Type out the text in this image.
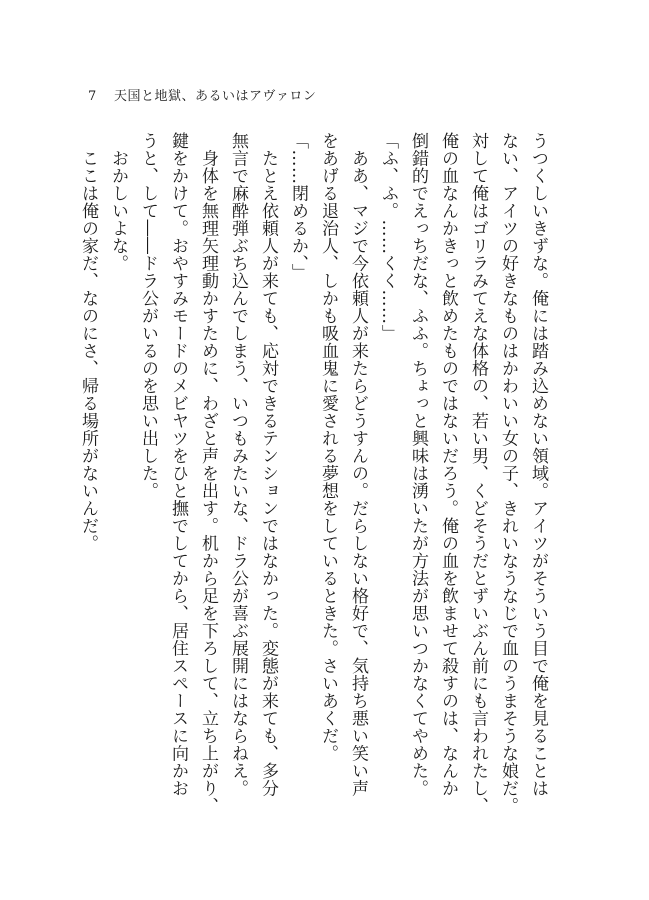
7 天国と地獄、あるいはアヴァロン
うつくしいきずな。俺には踏み込めない領域。アイツがそういう目で俺を見ることは
ない、アイツの好きなものはかわいい女の子、きれいなうなじで血のうまそうな娘だ。
対して俺はゴリラみてえな体格の、若い男、くどそうだとずいぶん前にも言われたし、
俺の血なんかきっと飲めたものではないだろう。俺の血を飲ませて殺すのは、なんか
倒錯的でえっちだな、ふふ。ちょっと興味は湧いたが方法が思いつかなくてやめた。
「ふ、ふ。……くく……」
　ああ、マジで今依頼人が来たらどうすんの。だらしない格好で、気持ち悪い笑い声
をあげる退治人、しかも吸血鬼に愛される夢想をしているときた。さいあくだ。
「……閉めるか、」
　たとえ依頼人が来ても、応対できるテンションではなかった。変態が来ても、多分
無言で麻酔弾ぶち込んでしまう、いつもみたいな、ドラ公が喜ぶ展開にはならねえ。
　身体を無理矢理動かすために、わざと声を出す。机から足を下ろして、立ち上がり、
鍵をかけて。おやすみモードのメビヤツをひと撫でしてから、居住スペースに向かお
うと、して――ドラ公がいるのを思い出した。
　おかしいよな。
　ここは俺の家だ、なのにさ、帰る場所がないんだ。
